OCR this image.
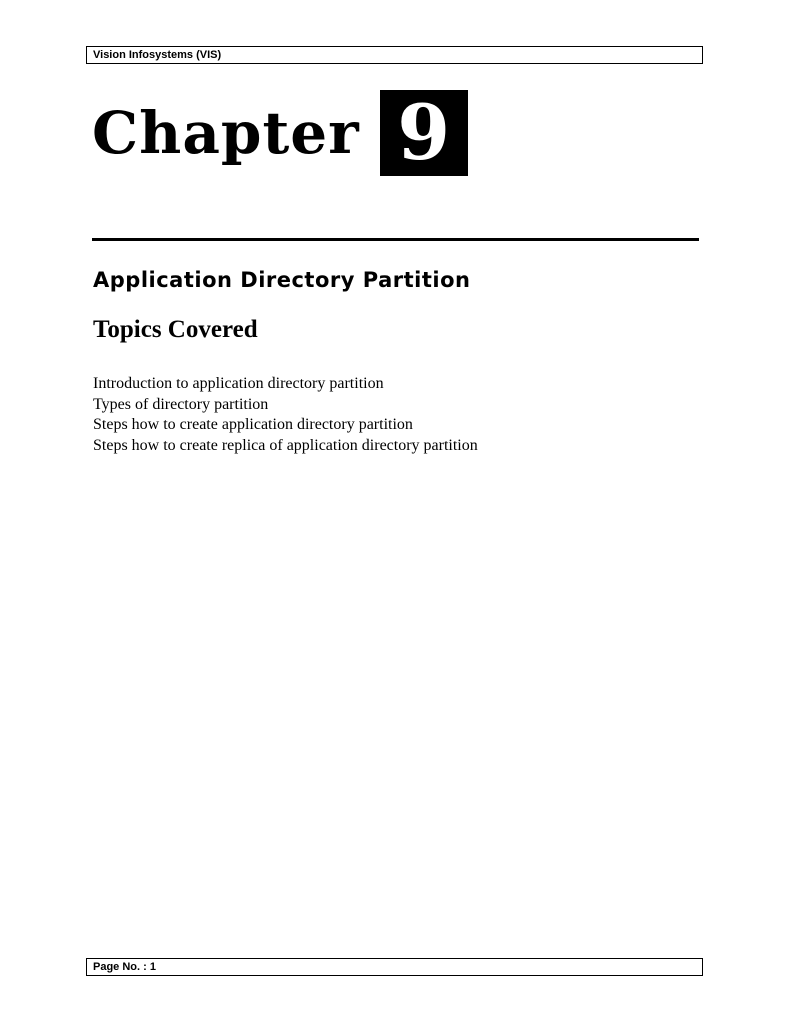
Vision Infosystems (VIS)
Chapter 9
Application Directory Partition
Topics Covered
Introduction to application directory partition
Types of directory partition
Steps how to create application directory partition
Steps how to create replica of application directory partition
Page No. : 1
